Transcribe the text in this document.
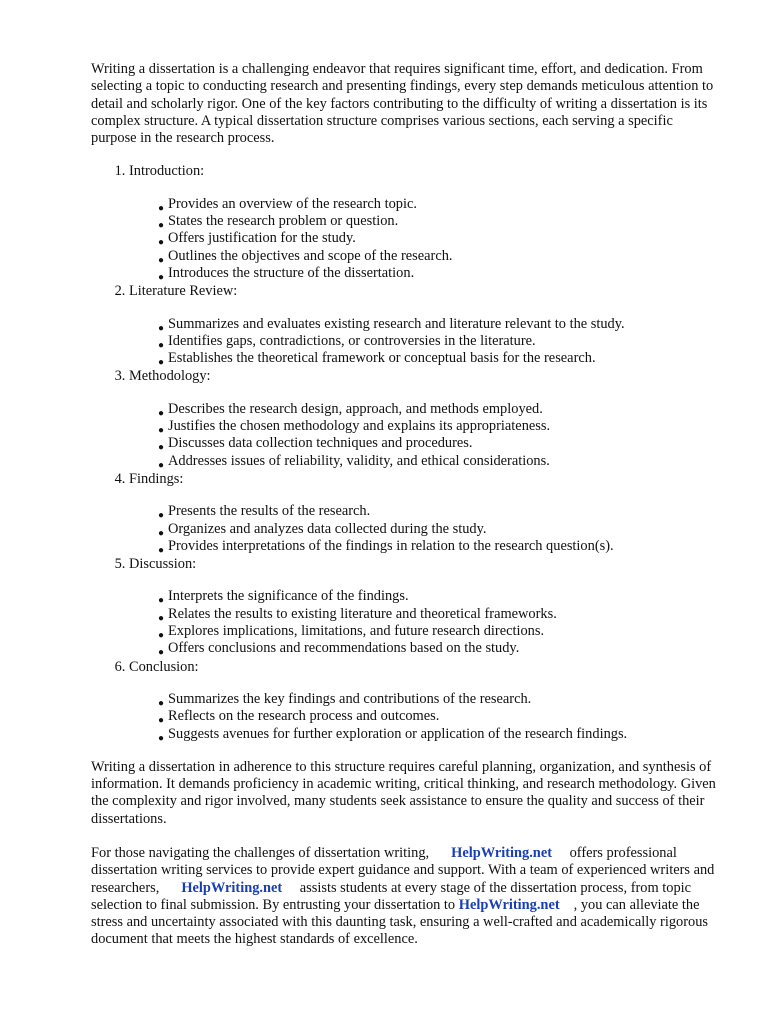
Writing a dissertation is a challenging endeavor that requires significant time, effort, and dedication. From selecting a topic to conducting research and presenting findings, every step demands meticulous attention to detail and scholarly rigor. One of the key factors contributing to the difficulty of writing a dissertation is its complex structure. A typical dissertation structure comprises various sections, each serving a specific purpose in the research process.

1. Introduction:
● Provides an overview of the research topic.
● States the research problem or question.
● Offers justification for the study.
● Outlines the objectives and scope of the research.
● Introduces the structure of the dissertation.
2. Literature Review:
● Summarizes and evaluates existing research and literature relevant to the study.
● Identifies gaps, contradictions, or controversies in the literature.
● Establishes the theoretical framework or conceptual basis for the research.
3. Methodology:
● Describes the research design, approach, and methods employed.
● Justifies the chosen methodology and explains its appropriateness.
● Discusses data collection techniques and procedures.
● Addresses issues of reliability, validity, and ethical considerations.
4. Findings:
● Presents the results of the research.
● Organizes and analyzes data collected during the study.
● Provides interpretations of the findings in relation to the research question(s).
5. Discussion:
● Interprets the significance of the findings.
● Relates the results to existing literature and theoretical frameworks.
● Explores implications, limitations, and future research directions.
● Offers conclusions and recommendations based on the study.
6. Conclusion:
● Summarizes the key findings and contributions of the research.
● Reflects on the research process and outcomes.
● Suggests avenues for further exploration or application of the research findings.

Writing a dissertation in adherence to this structure requires careful planning, organization, and synthesis of information. It demands proficiency in academic writing, critical thinking, and research methodology. Given the complexity and rigor involved, many students seek assistance to ensure the quality and success of their dissertations.

For those navigating the challenges of dissertation writing, HelpWriting.net offers professional dissertation writing services to provide expert guidance and support. With a team of experienced writers and researchers, HelpWriting.net assists students at every stage of the dissertation process, from topic selection to final submission. By entrusting your dissertation to HelpWriting.net , you can alleviate the stress and uncertainty associated with this daunting task, ensuring a well-crafted and academically rigorous document that meets the highest standards of excellence.
